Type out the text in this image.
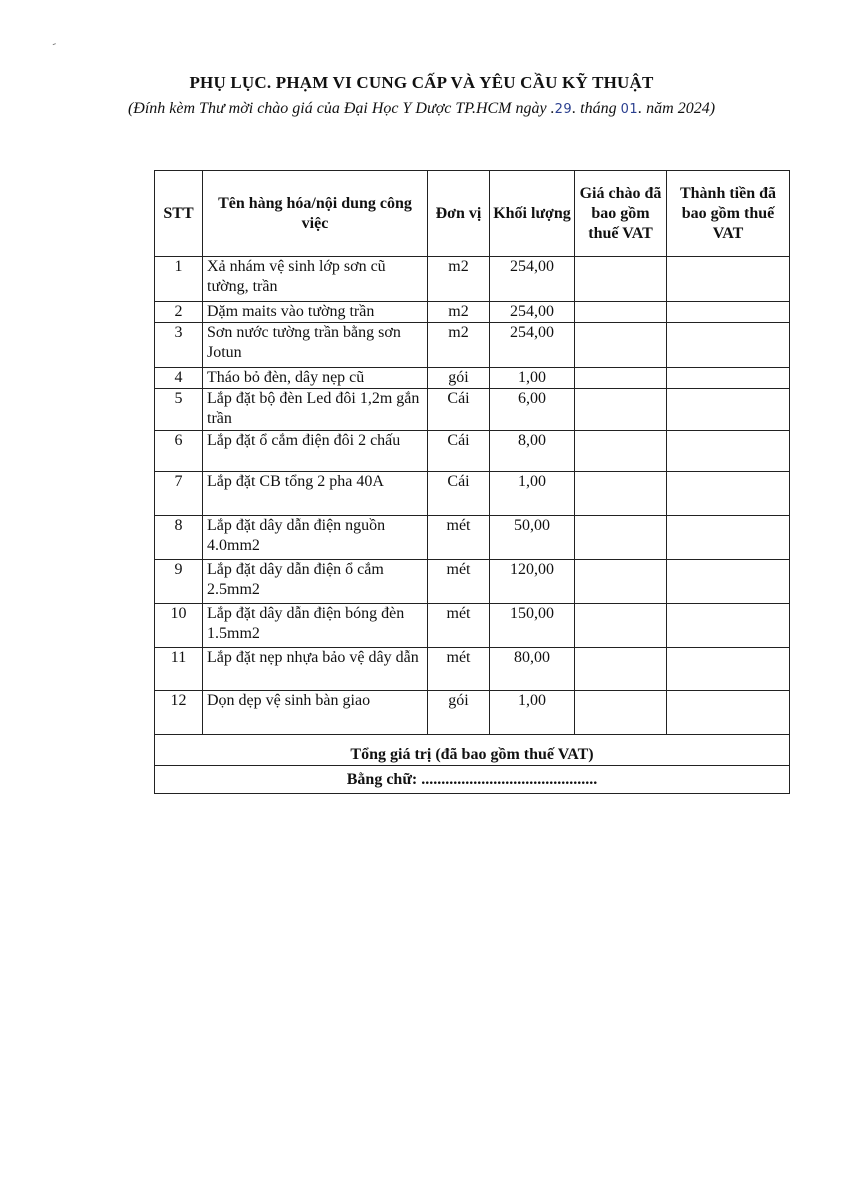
-
PHỤ LỤC. PHẠM VI CUNG CẤP VÀ YÊU CẦU KỸ THUẬT
(Đính kèm Thư mời chào giá của Đại Học Y Dược TP.HCM ngày .29. tháng 01. năm 2024)
STT	Tên hàng hóa/nội dung công việc	Đơn vị	Khối lượng	Giá chào đã bao gồm thuế VAT	Thành tiền đã bao gồm thuế VAT
1	Xả nhám vệ sinh lớp sơn cũ tường, trần	m2	254,00		
2	Dặm maits vào tường trần	m2	254,00		
3	Sơn nước tường trần bằng sơn Jotun	m2	254,00		
4	Tháo bỏ đèn, dây nẹp cũ	gói	1,00		
5	Lắp đặt bộ đèn Led đôi 1,2m gắn trần	Cái	6,00		
6	Lắp đặt ổ cắm điện đôi 2 chấu	Cái	8,00		
7	Lắp đặt CB tổng 2 pha 40A	Cái	1,00		
8	Lắp đặt dây dẫn điện nguồn 4.0mm2	mét	50,00		
9	Lắp đặt dây dẫn điện ổ cắm 2.5mm2	mét	120,00		
10	Lắp đặt dây dẫn điện bóng đèn 1.5mm2	mét	150,00		
11	Lắp đặt nẹp nhựa bảo vệ dây dẫn	mét	80,00		
12	Dọn dẹp vệ sinh bàn giao	gói	1,00		
Tổng giá trị (đã bao gồm thuế VAT)					
Bằng chữ: ............................................					
